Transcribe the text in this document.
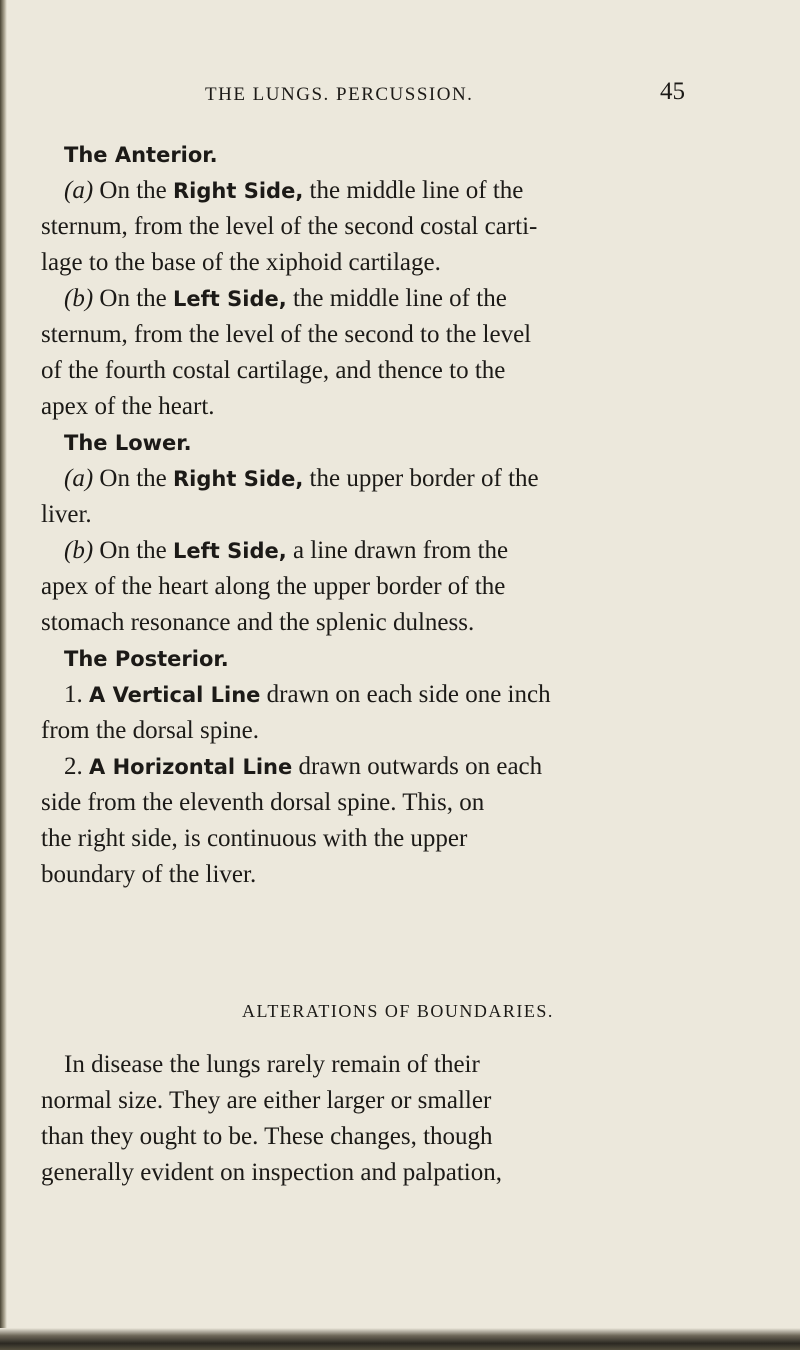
THE LUNGS. PERCUSSION.	45
The Anterior.
(a) On the Right Side, the middle line of the
sternum, from the level of the second costal carti-
lage to the base of the xiphoid cartilage.
(b) On the Left Side, the middle line of the
sternum, from the level of the second to the level
of the fourth costal cartilage, and thence to the
apex of the heart.
The Lower.
(a) On the Right Side, the upper border of the
liver.
(b) On the Left Side, a line drawn from the
apex of the heart along the upper border of the
stomach resonance and the splenic dulness.
The Posterior.
1. A Vertical Line drawn on each side one inch
from the dorsal spine.
2. A Horizontal Line drawn outwards on each
side from the eleventh dorsal spine. This, on
the right side, is continuous with the upper
boundary of the liver.
ALTERATIONS OF BOUNDARIES.
In disease the lungs rarely remain of their
normal size. They are either larger or smaller
than they ought to be. These changes, though
generally evident on inspection and palpation,
